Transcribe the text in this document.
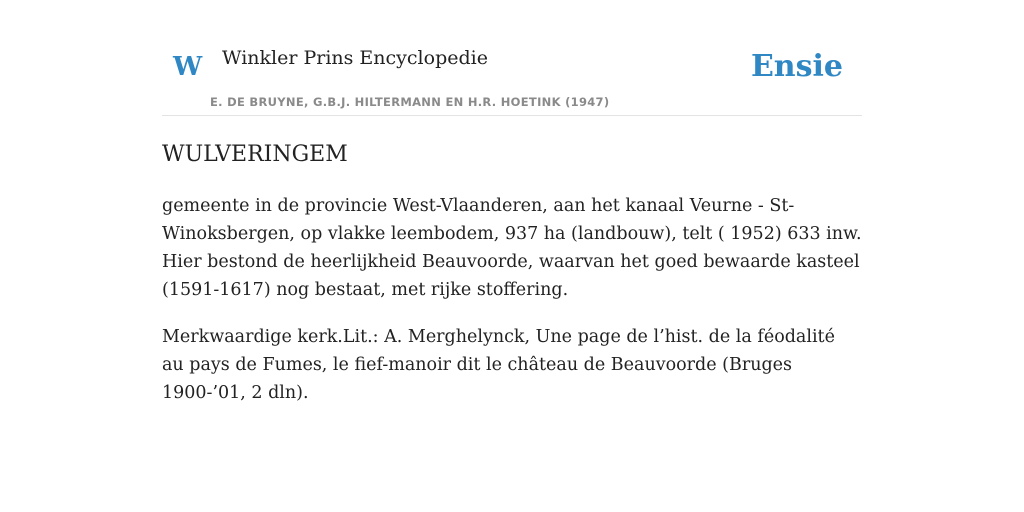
W Winkler Prins Encyclopedie
E. DE BRUYNE, G.B.J. HILTERMANN EN H.R. HOETINK (1947)
Ensie
WULVERINGEM

gemeente in de provincie West-Vlaanderen, aan het kanaal Veurne - St-Winoksbergen, op vlakke leembodem, 937 ha (landbouw), telt ( 1952) 633 inw. Hier bestond de heerlijkheid Beauvoorde, waarvan het goed bewaarde kasteel (1591-1617) nog bestaat, met rijke stoffering.

Merkwaardige kerk.Lit.: A. Merghelynck, Une page de l’hist. de la féodalité au pays de Fumes, le fief-manoir dit le château de Beauvoorde (Bruges 1900-’01, 2 dln).
